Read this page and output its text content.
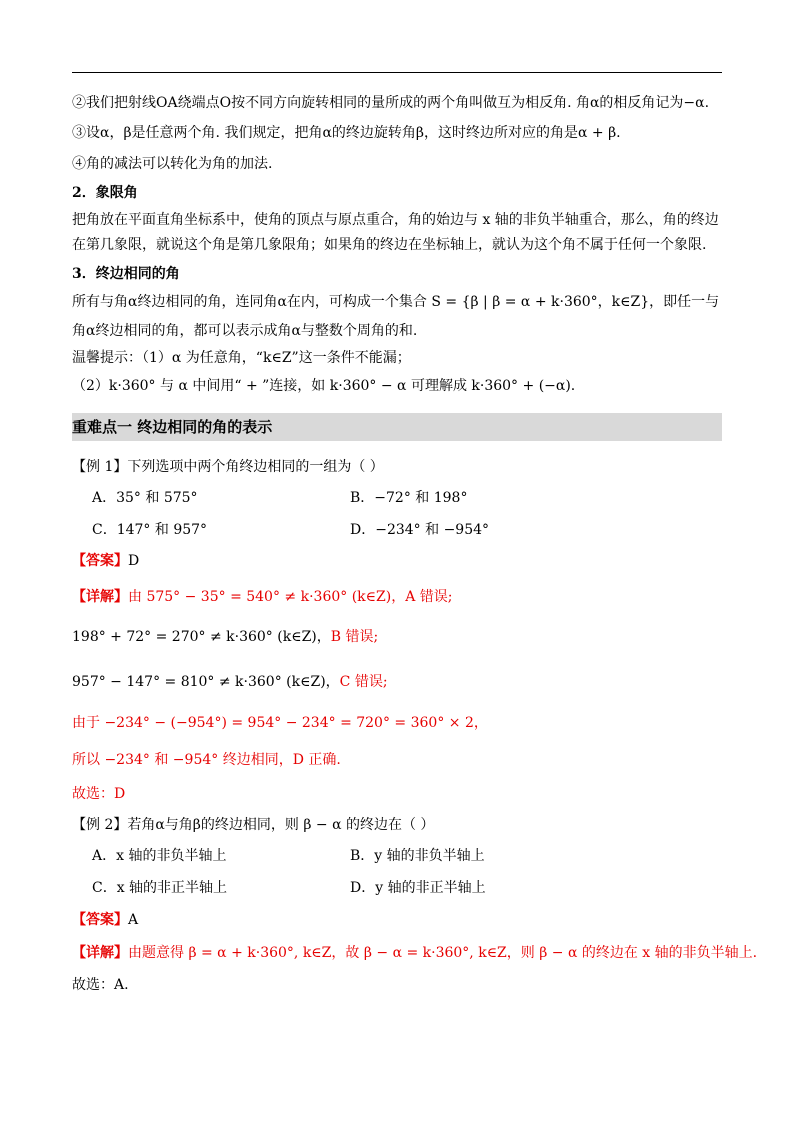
②我们把射线OA绕端点O按不同方向旋转相同的量所成的两个角叫做互为相反角. 角α的相反角记为−α.
③设α，β是任意两个角. 我们规定，把角α的终边旋转角β，这时终边所对应的角是α + β.
④角的减法可以转化为角的加法.
2．象限角
把角放在平面直角坐标系中，使角的顶点与原点重合，角的始边与 x 轴的非负半轴重合，那么，角的终边
在第几象限，就说这个角是第几象限角；如果角的终边在坐标轴上，就认为这个角不属于任何一个象限.
3．终边相同的角
所有与角α终边相同的角，连同角α在内，可构成一个集合 S = {β | β = α + k·360°，k∈Z}，即任一与
角α终边相同的角，都可以表示成角α与整数个周角的和.
温馨提示：（1）α 为任意角，“k∈Z”这一条件不能漏；
（2）k·360° 与 α 中间用“ + ”连接，如 k·360° − α 可理解成 k·360° + (−α).
重难点一 终边相同的角的表示
【例 1】下列选项中两个角终边相同的一组为（ ）
A．35° 和 575°	B．−72° 和 198°
C．147° 和 957°	D．−234° 和 −954°
【答案】D
【详解】由 575° − 35° = 540° ≠ k·360° (k∈Z)，A 错误;
198° + 72° = 270° ≠ k·360° (k∈Z)，B 错误;
957° − 147° = 810° ≠ k·360° (k∈Z)，C 错误;
由于 −234° − (−954°) = 954° − 234° = 720° = 360° × 2，
所以 −234° 和 −954° 终边相同，D 正确.
故选：D
【例 2】若角α与角β的终边相同，则 β − α 的终边在（ ）
A．x 轴的非负半轴上	B．y 轴的非负半轴上
C．x 轴的非正半轴上	D．y 轴的非正半轴上
【答案】A
【详解】由题意得 β = α + k·360°, k∈Z，故 β − α = k·360°, k∈Z，则 β − α 的终边在 x 轴的非负半轴上.
故选：A.
